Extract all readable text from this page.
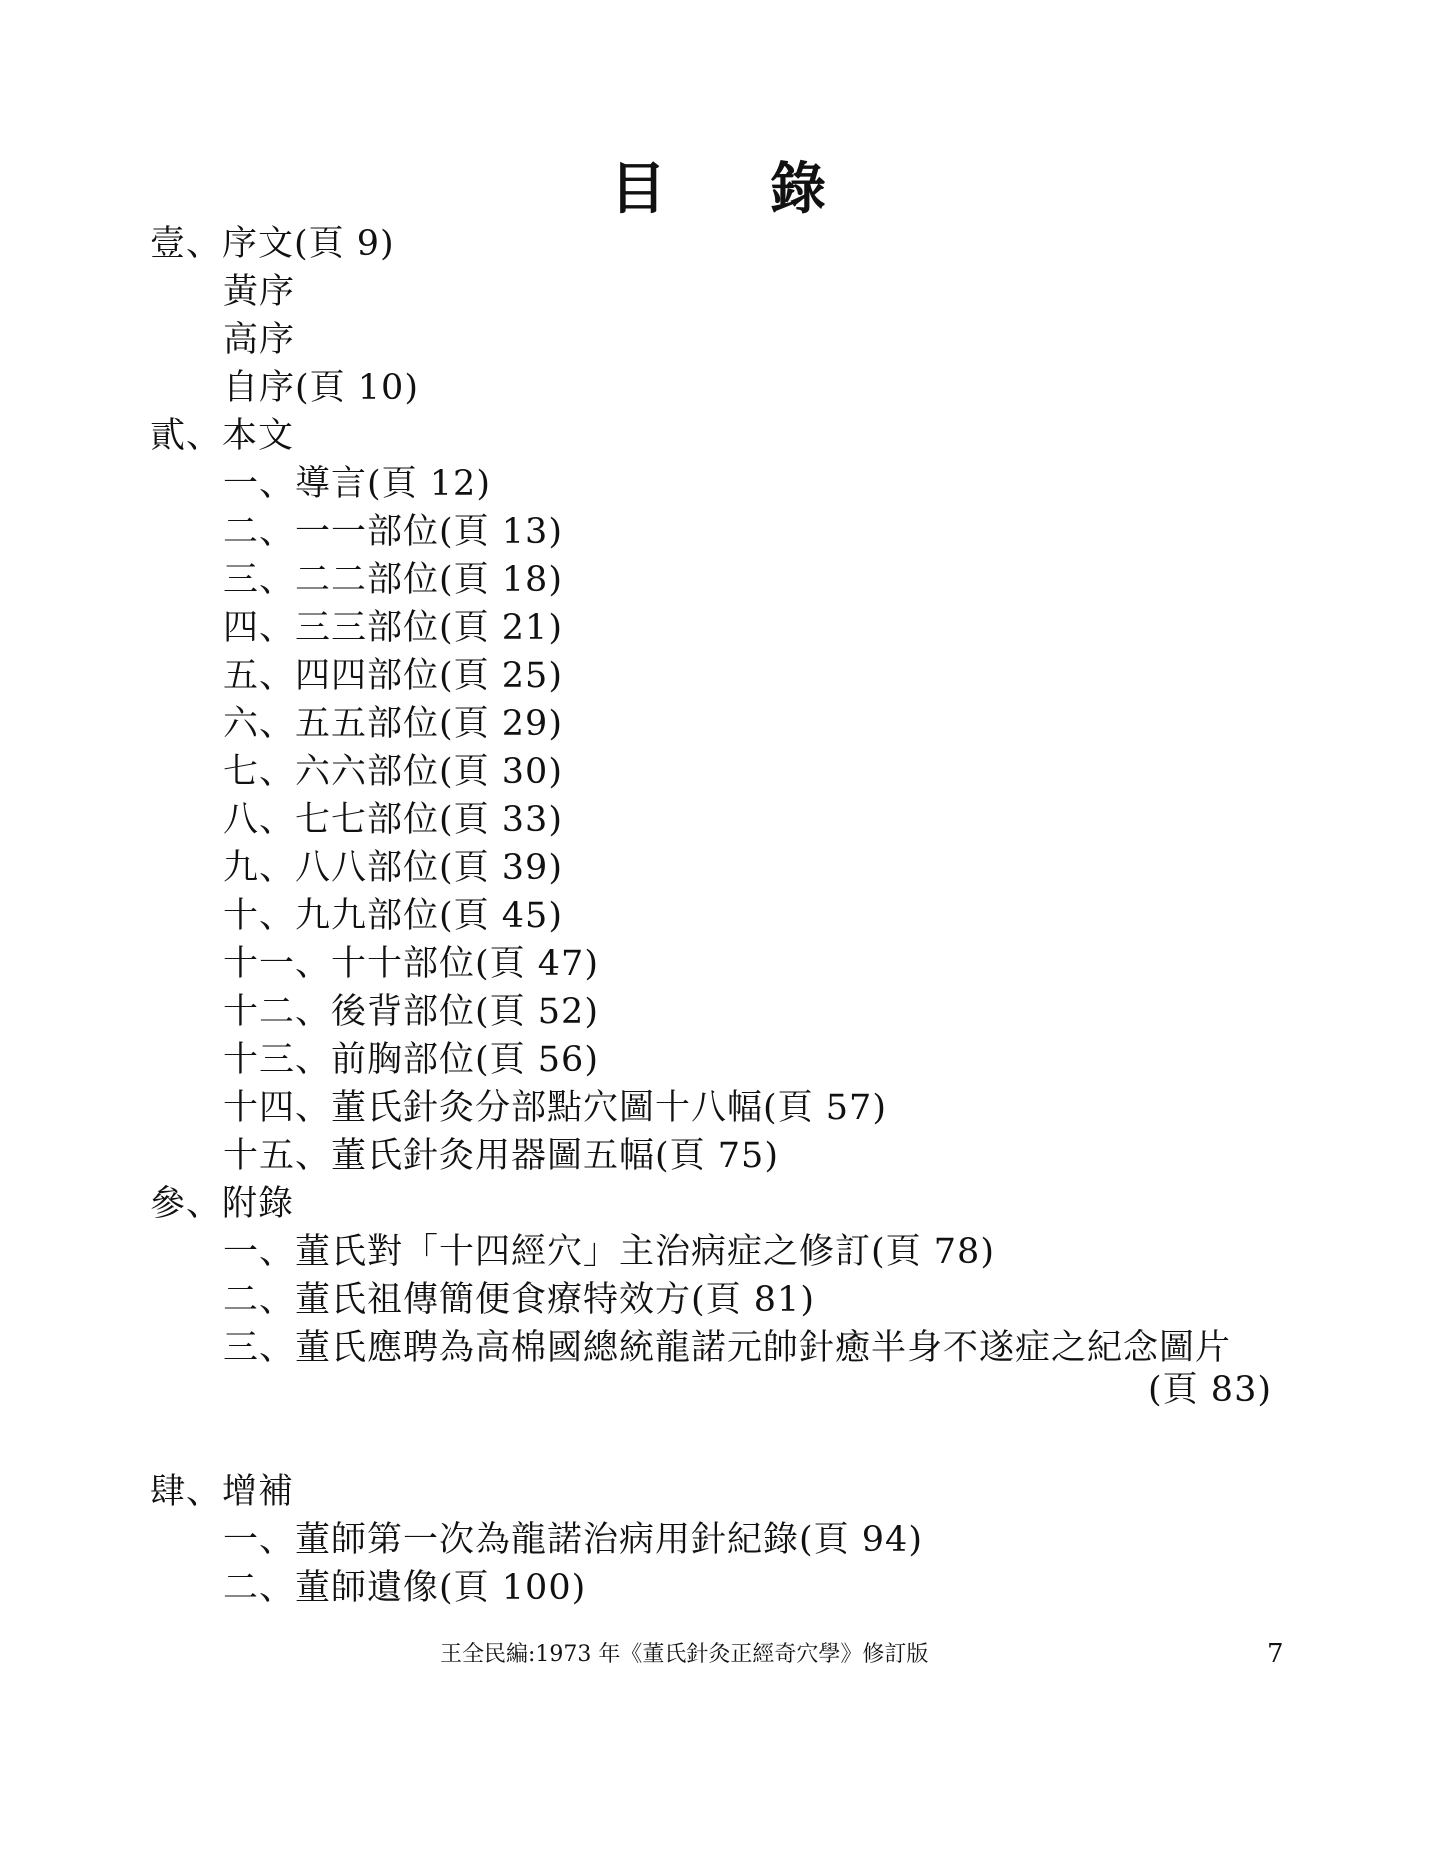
目 錄
壹、序文(頁 9)
黃序
高序
自序(頁 10)
貳、本文
一、導言(頁 12)
二、一一部位(頁 13)
三、二二部位(頁 18)
四、三三部位(頁 21)
五、四四部位(頁 25)
六、五五部位(頁 29)
七、六六部位(頁 30)
八、七七部位(頁 33)
九、八八部位(頁 39)
十、九九部位(頁 45)
十一、十十部位(頁 47)
十二、後背部位(頁 52)
十三、前胸部位(頁 56)
十四、董氏針灸分部點穴圖十八幅(頁 57)
十五、董氏針灸用器圖五幅(頁 75)
參、附錄
一、董氏對「十四經穴」主治病症之修訂(頁 78)
二、董氏祖傳簡便食療特效方(頁 81)
三、董氏應聘為高棉國總統龍諾元帥針癒半身不遂症之紀念圖片
(頁 83)
肆、增補
一、董師第一次為龍諾治病用針紀錄(頁 94)
二、董師遺像(頁 100)
王全民編:1973 年《董氏針灸正經奇穴學》修訂版	7
